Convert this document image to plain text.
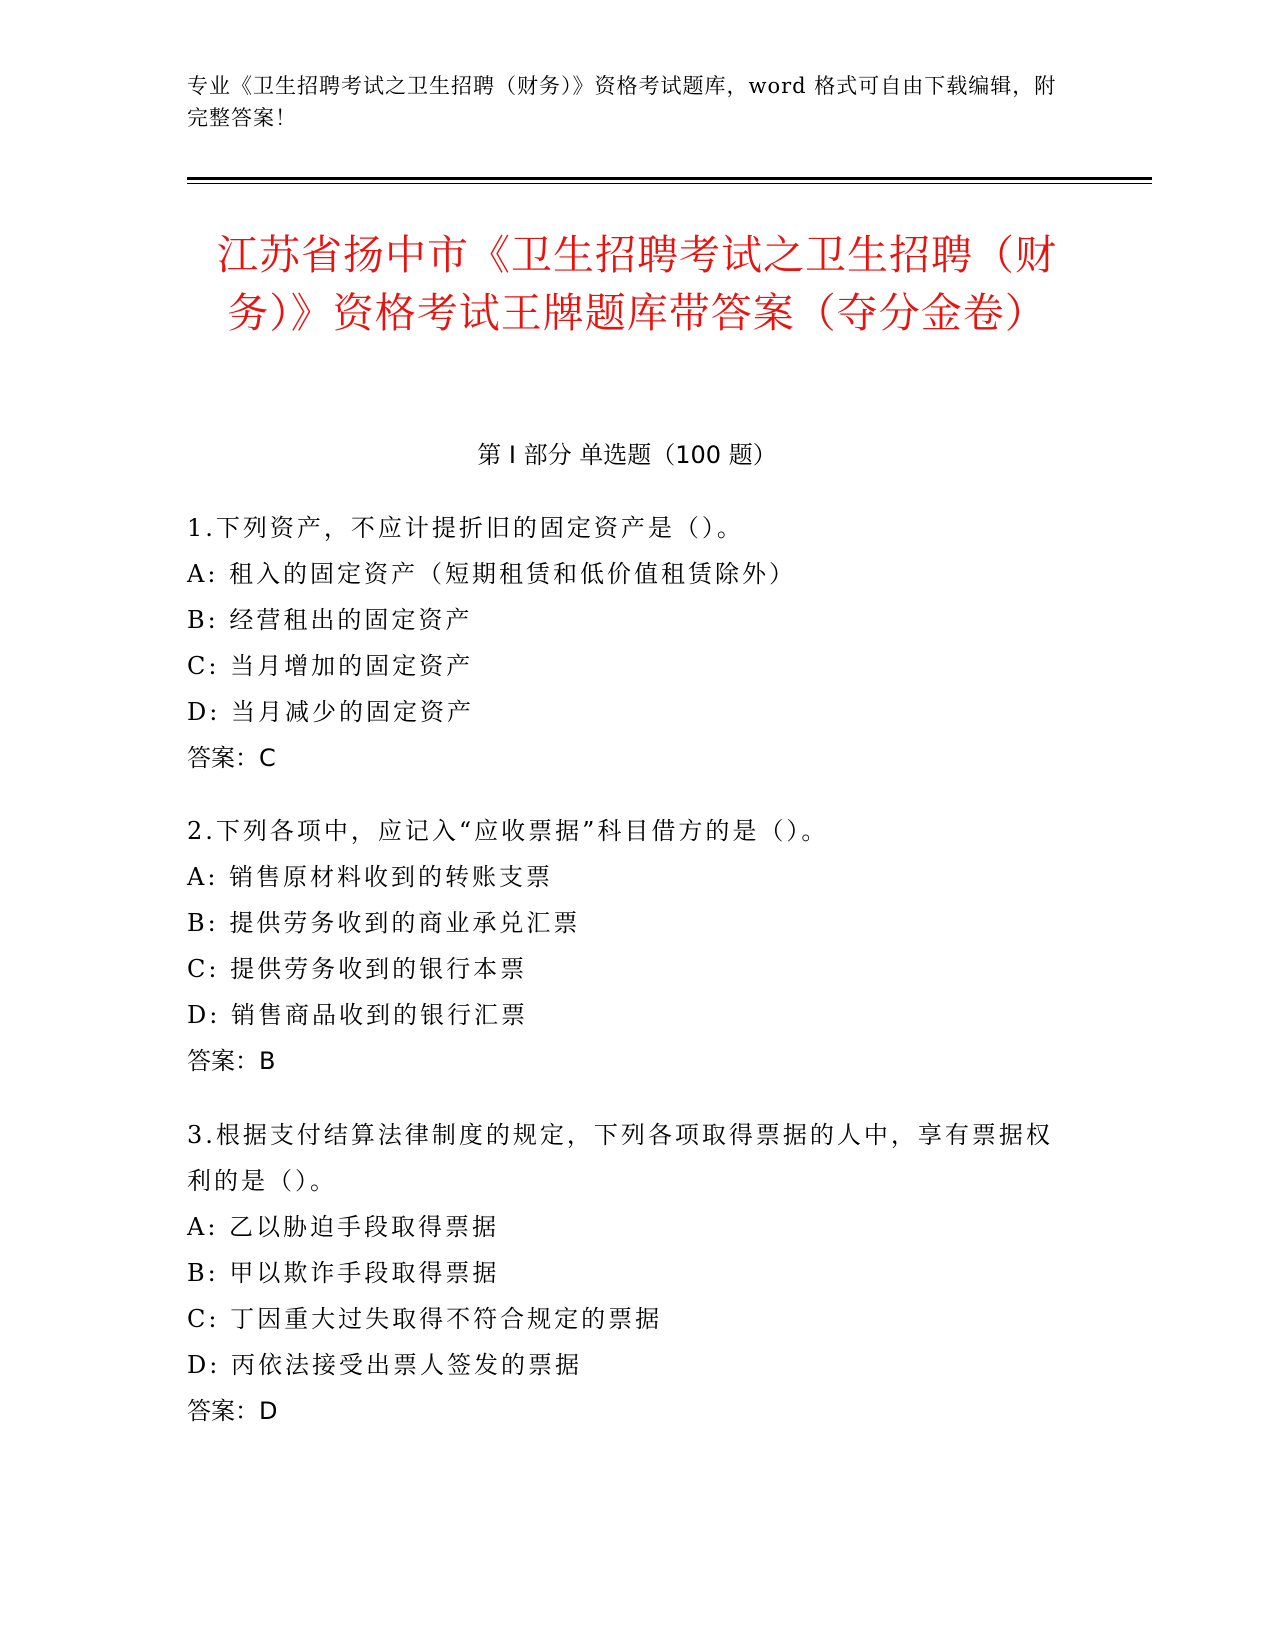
专业《卫生招聘考试之卫生招聘（财务）》资格考试题库，word 格式可自由下载编辑，附完整答案！
江苏省扬中市《卫生招聘考试之卫生招聘（财务）》资格考试王牌题库带答案（夺分金卷）
第 I 部分 单选题（100 题）

1.下列资产，不应计提折旧的固定资产是（）。

A: 租入的固定资产（短期租赁和低价值租赁除外）

B: 经营租出的固定资产

C: 当月增加的固定资产

D: 当月减少的固定资产

答案：C

2.下列各项中，应记入“应收票据”科目借方的是（）。

A: 销售原材料收到的转账支票

B: 提供劳务收到的商业承兑汇票

C: 提供劳务收到的银行本票

D: 销售商品收到的银行汇票

答案：B

3.根据支付结算法律制度的规定，下列各项取得票据的人中，享有票据权利的是（）。

A: 乙以胁迫手段取得票据

B: 甲以欺诈手段取得票据

C: 丁因重大过失取得不符合规定的票据

D: 丙依法接受出票人签发的票据

答案：D
